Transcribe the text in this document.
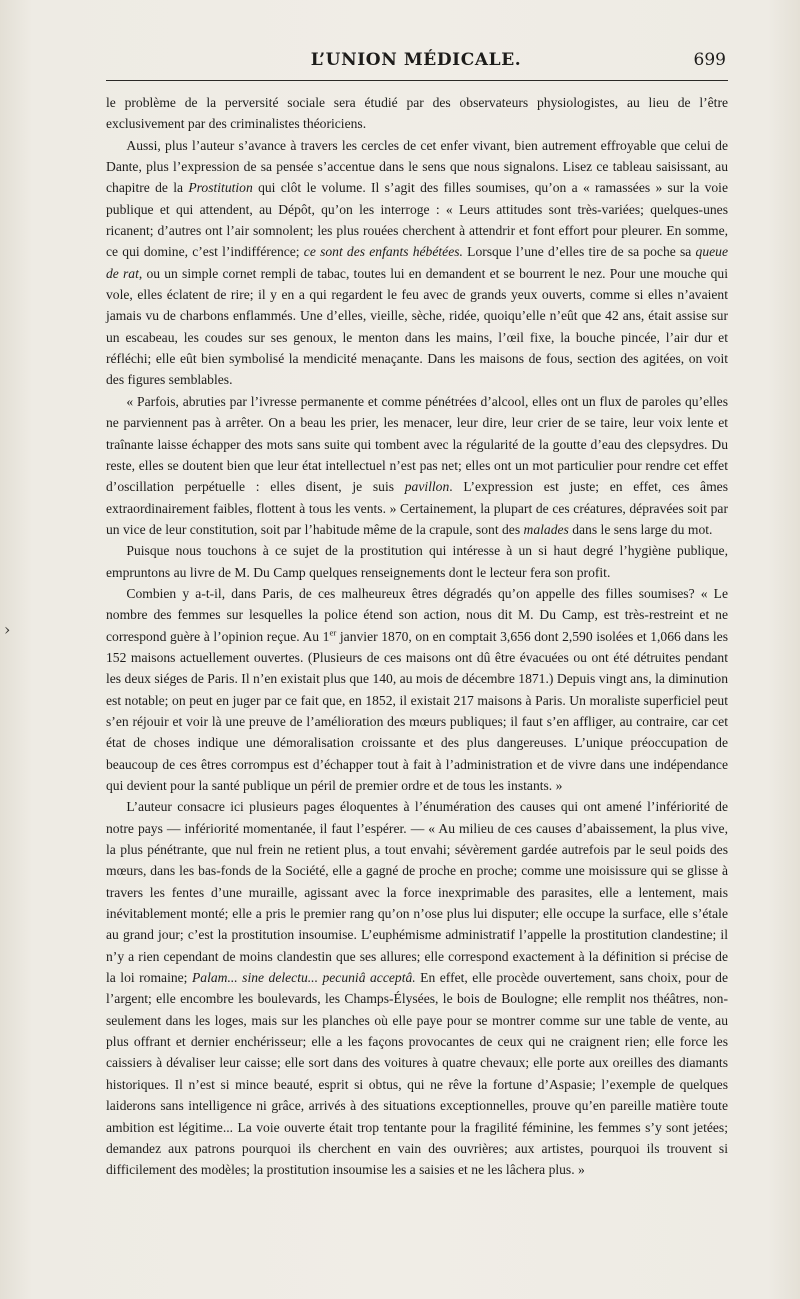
L’UNION MÉDICALE.	699
›

le problème de la perversité sociale sera étudié par des observateurs physiologistes, au lieu de l’être exclusivement par des criminalistes théoriciens.

Aussi, plus l’auteur s’avance à travers les cercles de cet enfer vivant, bien autrement effroyable que celui de Dante, plus l’expression de sa pensée s’accentue dans le sens que nous signalons. Lisez ce tableau saisissant, au chapitre de la Prostitution qui clôt le volume. Il s’agit des filles soumises, qu’on a « ramassées » sur la voie publique et qui attendent, au Dépôt, qu’on les interroge : « Leurs attitudes sont très-variées; quelques-unes ricanent; d’autres ont l’air somnolent; les plus rouées cherchent à attendrir et font effort pour pleurer. En somme, ce qui domine, c’est l’indifférence; ce sont des enfants hébétées. Lorsque l’une d’elles tire de sa poche sa queue de rat, ou un simple cornet rempli de tabac, toutes lui en demandent et se bourrent le nez. Pour une mouche qui vole, elles éclatent de rire; il y en a qui regardent le feu avec de grands yeux ouverts, comme si elles n’avaient jamais vu de charbons enflammés. Une d’elles, vieille, sèche, ridée, quoiqu’elle n’eût que 42 ans, était assise sur un escabeau, les coudes sur ses genoux, le menton dans les mains, l’œil fixe, la bouche pincée, l’air dur et réfléchi; elle eût bien symbolisé la mendicité menaçante. Dans les maisons de fous, section des agitées, on voit des figures semblables.

« Parfois, abruties par l’ivresse permanente et comme pénétrées d’alcool, elles ont un flux de paroles qu’elles ne parviennent pas à arrêter. On a beau les prier, les menacer, leur dire, leur crier de se taire, leur voix lente et traînante laisse échapper des mots sans suite qui tombent avec la régularité de la goutte d’eau des clepsydres. Du reste, elles se doutent bien que leur état intellectuel n’est pas net; elles ont un mot particulier pour rendre cet effet d’oscillation perpétuelle : elles disent, je suis pavillon. L’expression est juste; en effet, ces âmes extraordinairement faibles, flottent à tous les vents. » Certainement, la plupart de ces créatures, dépravées soit par un vice de leur constitution, soit par l’habitude même de la crapule, sont des malades dans le sens large du mot.

Puisque nous touchons à ce sujet de la prostitution qui intéresse à un si haut degré l’hygiène publique, empruntons au livre de M. Du Camp quelques renseignements dont le lecteur fera son profit.

Combien y a-t-il, dans Paris, de ces malheureux êtres dégradés qu’on appelle des filles soumises? « Le nombre des femmes sur lesquelles la police étend son action, nous dit M. Du Camp, est très-restreint et ne correspond guère à l’opinion reçue. Au 1er janvier 1870, on en comptait 3,656 dont 2,590 isolées et 1,066 dans les 152 maisons actuellement ouvertes. (Plusieurs de ces maisons ont dû être évacuées ou ont été détruites pendant les deux siéges de Paris. Il n’en existait plus que 140, au mois de décembre 1871.) Depuis vingt ans, la diminution est notable; on peut en juger par ce fait que, en 1852, il existait 217 maisons à Paris. Un moraliste superficiel peut s’en réjouir et voir là une preuve de l’amélioration des mœurs publiques; il faut s’en affliger, au contraire, car cet état de choses indique une démoralisation croissante et des plus dangereuses. L’unique préoccupation de beaucoup de ces êtres corrompus est d’échapper tout à fait à l’administration et de vivre dans une indépendance qui devient pour la santé publique un péril de premier ordre et de tous les instants. »

L’auteur consacre ici plusieurs pages éloquentes à l’énumération des causes qui ont amené l’infériorité de notre pays — infériorité momentanée, il faut l’espérer. — « Au milieu de ces causes d’abaissement, la plus vive, la plus pénétrante, que nul frein ne retient plus, a tout envahi; sévèrement gardée autrefois par le seul poids des mœurs, dans les bas-fonds de la Société, elle a gagné de proche en proche; comme une moisissure qui se glisse à travers les fentes d’une muraille, agissant avec la force inexprimable des parasites, elle a lentement, mais inévitablement monté; elle a pris le premier rang qu’on n’ose plus lui disputer; elle occupe la surface, elle s’étale au grand jour; c’est la prostitution insoumise. L’euphémisme administratif l’appelle la prostitution clandestine; il n’y a rien cependant de moins clandestin que ses allures; elle correspond exactement à la définition si précise de la loi romaine; Palam... sine delectu... pecuniâ acceptâ. En effet, elle procède ouvertement, sans choix, pour de l’argent; elle encombre les boulevards, les Champs-Élysées, le bois de Boulogne; elle remplit nos théâtres, non-seulement dans les loges, mais sur les planches où elle paye pour se montrer comme sur une table de vente, au plus offrant et dernier enchérisseur; elle a les façons provocantes de ceux qui ne craignent rien; elle force les caissiers à dévaliser leur caisse; elle sort dans des voitures à quatre chevaux; elle porte aux oreilles des diamants historiques. Il n’est si mince beauté, esprit si obtus, qui ne rêve la fortune d’Aspasie; l’exemple de quelques laiderons sans intelligence ni grâce, arrivés à des situations exceptionnelles, prouve qu’en pareille matière toute ambition est légitime... La voie ouverte était trop tentante pour la fragilité féminine, les femmes s’y sont jetées; demandez aux patrons pourquoi ils cherchent en vain des ouvrières; aux artistes, pourquoi ils trouvent si difficilement des modèles; la prostitution insoumise les a saisies et ne les lâchera plus. »
